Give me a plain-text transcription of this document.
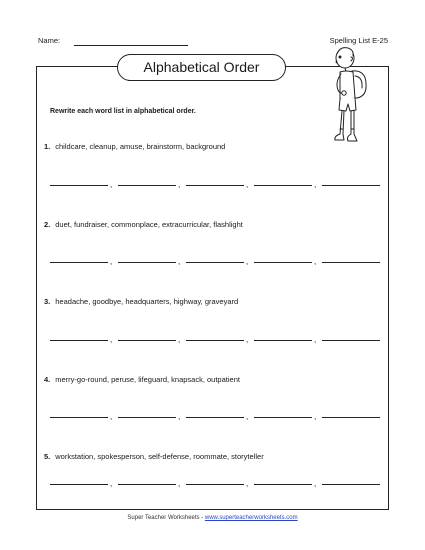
Name:	Spelling List E-25
Alphabetical Order
Rewrite each word list in alphabetical order.
1. childcare, cleanup, amuse, brainstorm, background
,	,	,	,
2. duet, fundraiser, commonplace, extracurricular, flashlight
,	,	,	,
3. headache, goodbye, headquarters, highway, graveyard
,	,	,	,
4. merry-go-round, peruse, lifeguard, knapsack, outpatient
,	,	,	,
5. workstation, spokesperson, self-defense, roommate, storyteller
,	,	,	,
Super Teacher Worksheets - www.superteacherworksheets.com
